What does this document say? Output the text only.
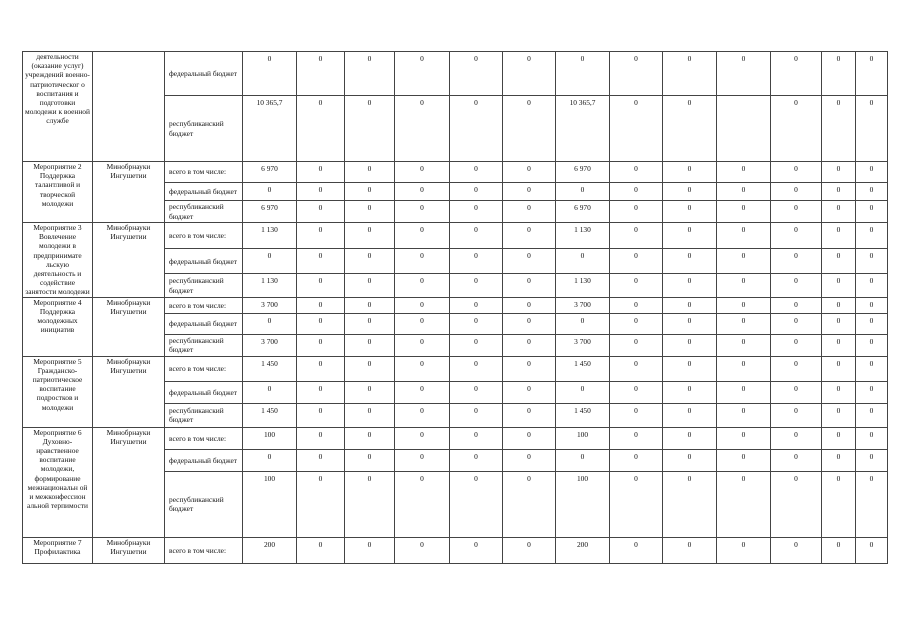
деятельности (оказание услуг) учреждений военно-патриотическог о воспитания и подготовки молодежи к военной службе		федеральный бюджет	0	0	0	0	0	0	0	0	0	0	0	0	0
		республиканский бюджет	10 365,7	0	0	0	0	0	10 365,7	0	0		0	0	0
Мероприятие 2 Поддержка талантливой и творческой молодежи	Минобрнауки Ингушетии	всего в том числе:	6 970	0	0	0	0	0	6 970	0	0	0	0	0	0
		федеральный бюджет	0	0	0	0	0	0	0	0	0	0	0	0	0
		республиканский бюджет	6 970	0	0	0	0	0	6 970	0	0	0	0	0	0
Мероприятие 3 Вовлечение молодежи в предпринимате льскую деятельность и содействие занятости молодежи	Минобрнауки Ингушетии	всего в том числе:	1 130	0	0	0	0	0	1 130	0	0	0	0	0	0
		федеральный бюджет	0	0	0	0	0	0	0	0	0	0	0	0	0
		республиканский бюджет	1 130	0	0	0	0	0	1 130	0	0	0	0	0	0
Мероприятие 4 Поддержка молодежных инициатив	Минобрнауки Ингушетии	всего в том числе:	3 700	0	0	0	0	0	3 700	0	0	0	0	0	0
		федеральный бюджет	0	0	0	0	0	0	0	0	0	0	0	0	0
		республиканский бюджет	3 700	0	0	0	0	0	3 700	0	0	0	0	0	0
Мероприятие 5 Гражданско-патриотическое воспитание подростков и молодежи	Минобрнауки Ингушетии	всего в том числе:	1 450	0	0	0	0	0	1 450	0	0	0	0	0	0
		федеральный бюджет	0	0	0	0	0	0	0	0	0	0	0	0	0
		республиканский бюджет	1 450	0	0	0	0	0	1 450	0	0	0	0	0	0
Мероприятие 6 Духовно-нравственное воспитание молодежи, формирование межнациональн ой и межконфессион альной терпимости	Минобрнауки Ингушетии	всего в том числе:	100	0	0	0	0	0	100	0	0	0	0	0	0
		федеральный бюджет	0	0	0	0	0	0	0	0	0	0	0	0	0
		республиканский бюджет	100	0	0	0	0	0	100	0	0	0	0	0	0
Мероприятие 7 Профилактика	Минобрнауки Ингушетии	всего в том числе:	200	0	0	0	0	0	200	0	0	0	0	0	0
